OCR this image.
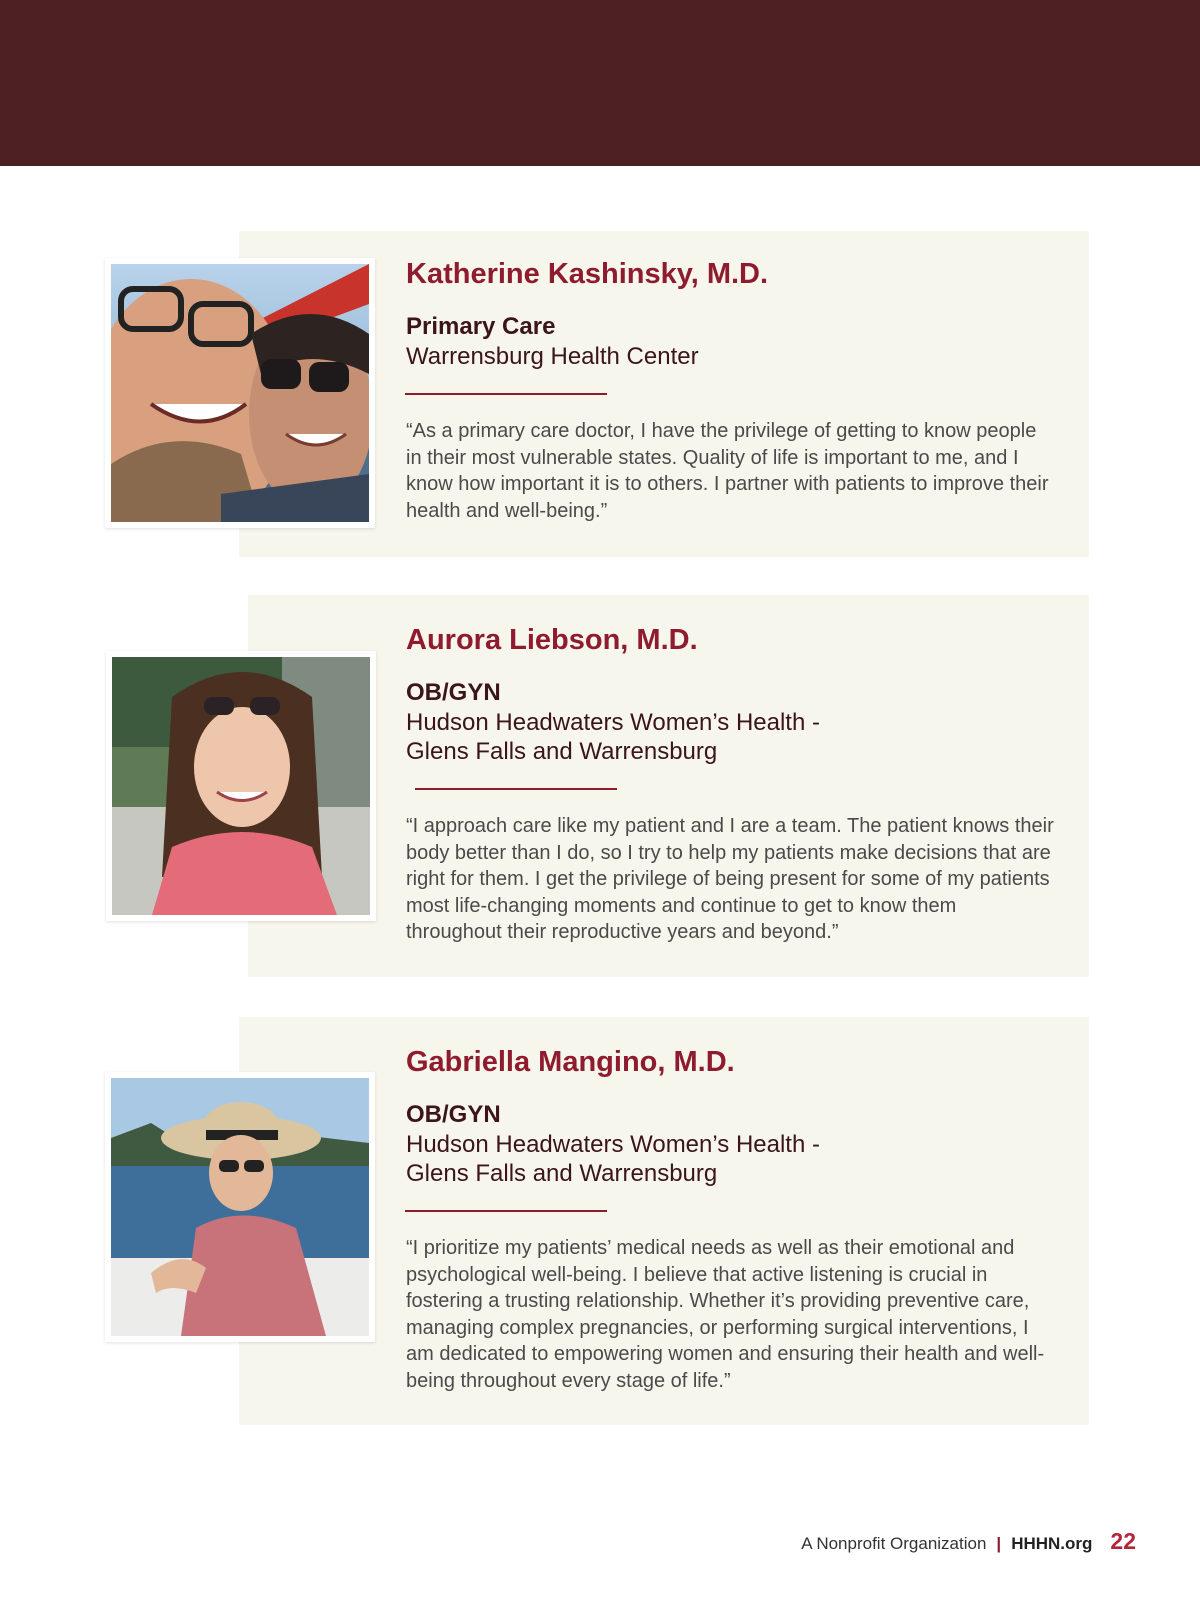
Katherine Kashinsky, M.D.
Primary Care
Warrensburg Health Center

“As a primary care doctor, I have the privilege of getting to know people in their most vulnerable states. Quality of life is important to me, and I know how important it is to others. I partner with patients to improve their health and well-being.”

Aurora Liebson, M.D.
OB/GYN
Hudson Headwaters Women’s Health -
Glens Falls and Warrensburg

“I approach care like my patient and I are a team. The patient knows their body better than I do, so I try to help my patients make decisions that are right for them. I get the privilege of being present for some of my patients most life-changing moments and continue to get to know them throughout their reproductive years and beyond.”

Gabriella Mangino, M.D.
OB/GYN
Hudson Headwaters Women’s Health -
Glens Falls and Warrensburg

“I prioritize my patients’ medical needs as well as their emotional and psychological well-being. I believe that active listening is crucial in fostering a trusting relationship. Whether it’s providing preventive care, managing complex pregnancies, or performing surgical interventions, I am dedicated to empowering women and ensuring their health and well-being throughout every stage of life.”

A Nonprofit Organization | HHHN.org 22
